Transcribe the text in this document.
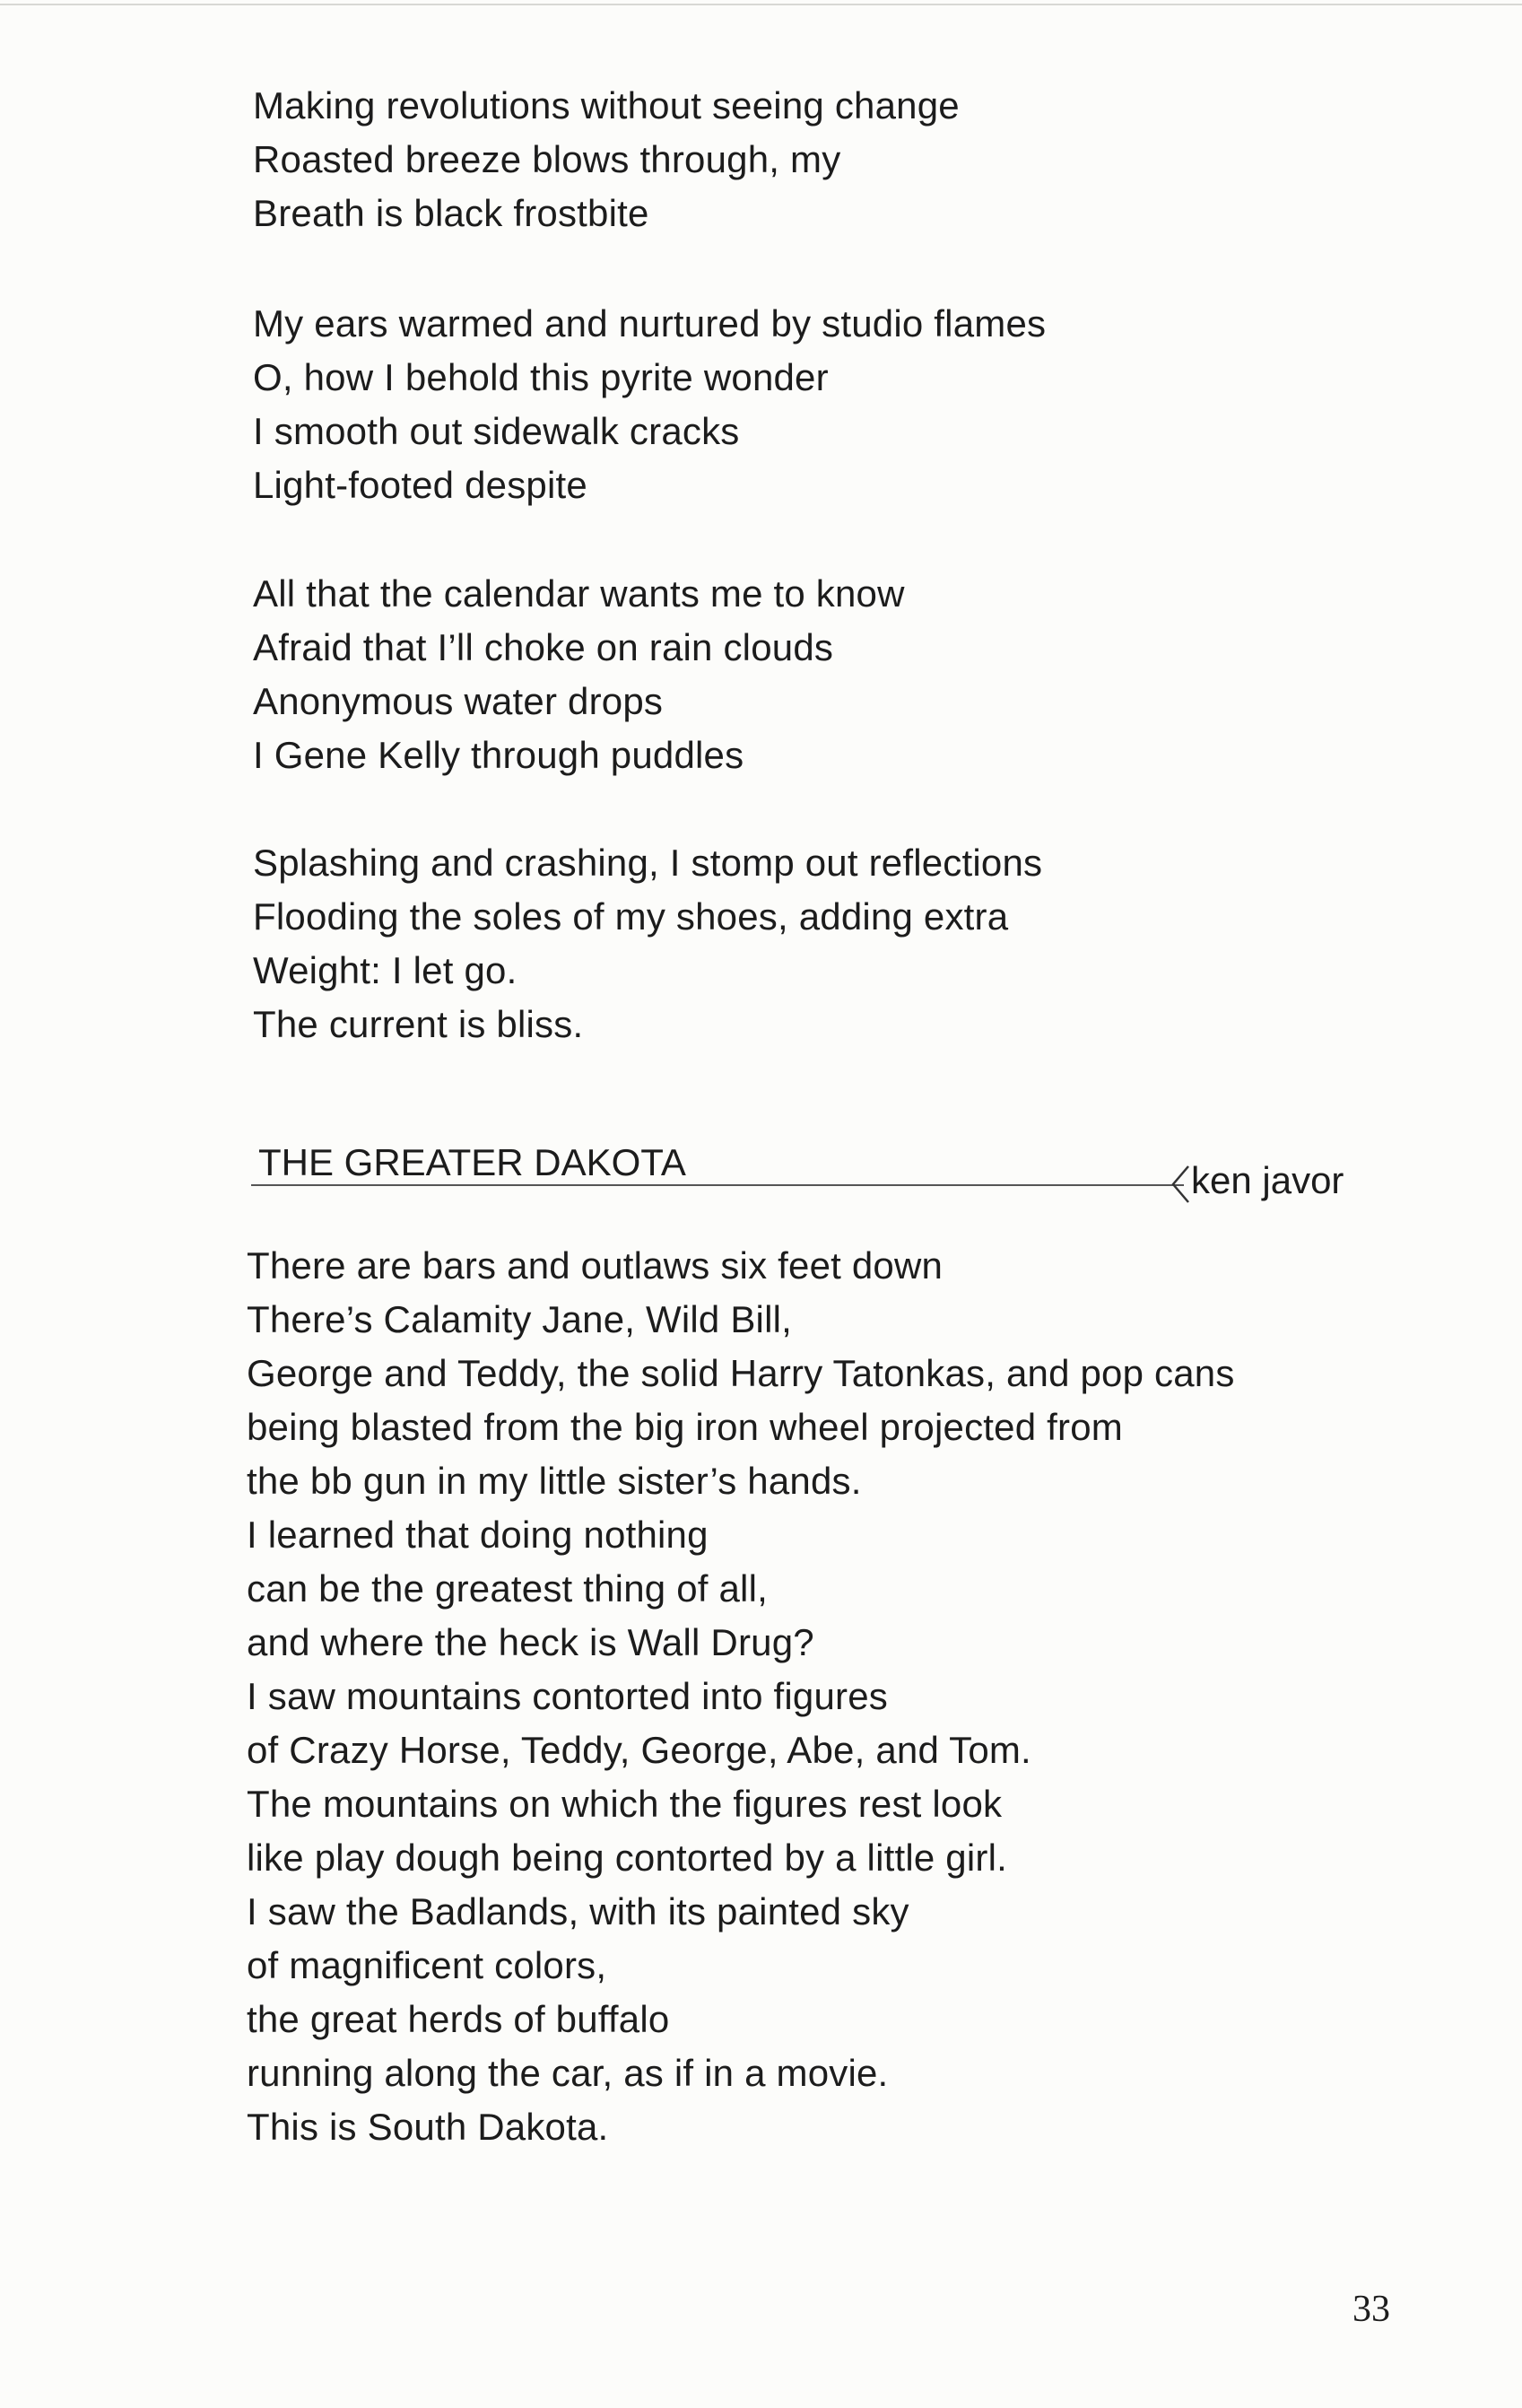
Making revolutions without seeing change
Roasted breeze blows through, my
Breath is black frostbite
My ears warmed and nurtured by studio flames
O, how I behold this pyrite wonder
I smooth out sidewalk cracks
Light-footed despite
All that the calendar wants me to know
Afraid that I’ll choke on rain clouds
Anonymous water drops
I Gene Kelly through puddles
Splashing and crashing, I stomp out reflections
Flooding the soles of my shoes, adding extra
Weight: I let go.
The current is bliss.
THE GREATER DAKOTA	ken javor
There are bars and outlaws six feet down
There’s Calamity Jane, Wild Bill,
George and Teddy, the solid Harry Tatonkas, and pop cans
being blasted from the big iron wheel projected from
the bb gun in my little sister’s hands.
I learned that doing nothing
can be the greatest thing of all,
and where the heck is Wall Drug?
I saw mountains contorted into figures
of Crazy Horse, Teddy, George, Abe, and Tom.
The mountains on which the figures rest look
like play dough being contorted by a little girl.
I saw the Badlands, with its painted sky
of magnificent colors,
the great herds of buffalo
running along the car, as if in a movie.
This is South Dakota.
33
